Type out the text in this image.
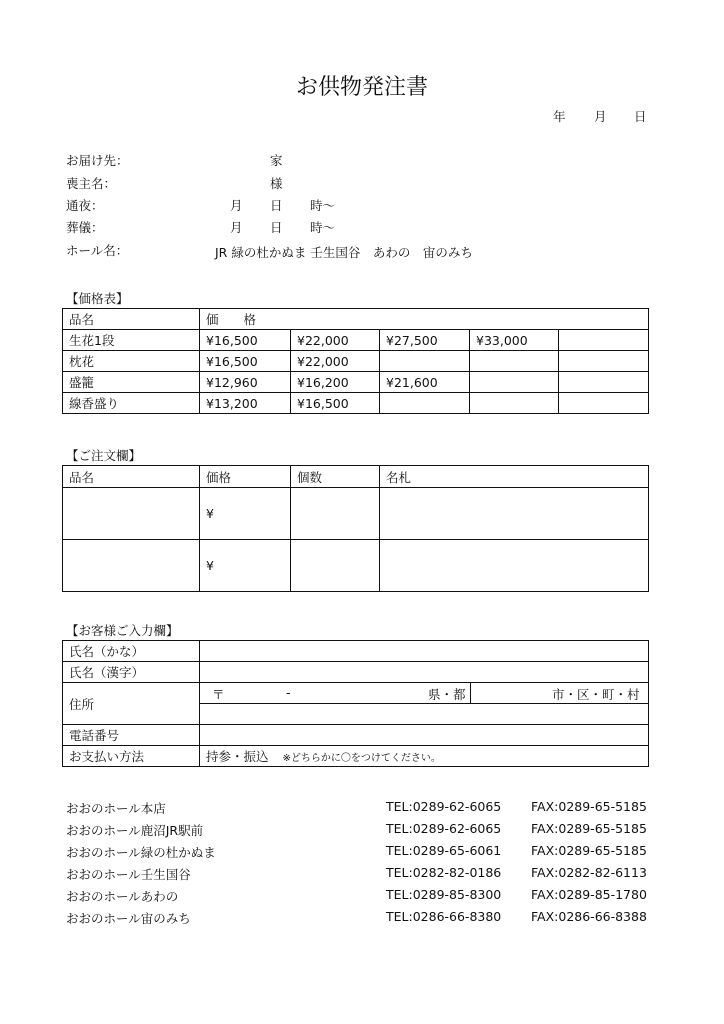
お供物発注書
年 月 日
お届け先：	家
喪主名：	様
通夜：	月 日 時～
葬儀：	月 日 時～
ホール名：	JR 緑の杜かぬま 壬生国谷　あわの　宙のみち
【価格表】
品名	価　　格				
生花1段	¥16,500	¥22,000	¥27,500	¥33,000	
枕花	¥16,500	¥22,000			
盛籠	¥12,960	¥16,200	¥21,600		
線香盛り	¥13,200	¥16,500			
【ご注文欄】
品名	価格	個数	名札
	¥		
	¥		
【お客様ご入力欄】
氏名（かな）	
氏名（漢字）	
住所	〒 - 県・都 市・区・町・村

電話番号	
お支払い方法	持参・振込 ※どちらかに〇をつけてください。
おおのホール本店	TEL:0289-62-6065 FAX:0289-65-5185
おおのホール鹿沼JR駅前	TEL:0289-62-6065 FAX:0289-65-5185
おおのホール緑の杜かぬま	TEL:0289-65-6061 FAX:0289-65-5185
おおのホール壬生国谷	TEL:0282-82-0186 FAX:0282-82-6113
おおのホールあわの	TEL:0289-85-8300 FAX:0289-85-1780
おおのホール宙のみち	TEL:0286-66-8380 FAX:0286-66-8388
